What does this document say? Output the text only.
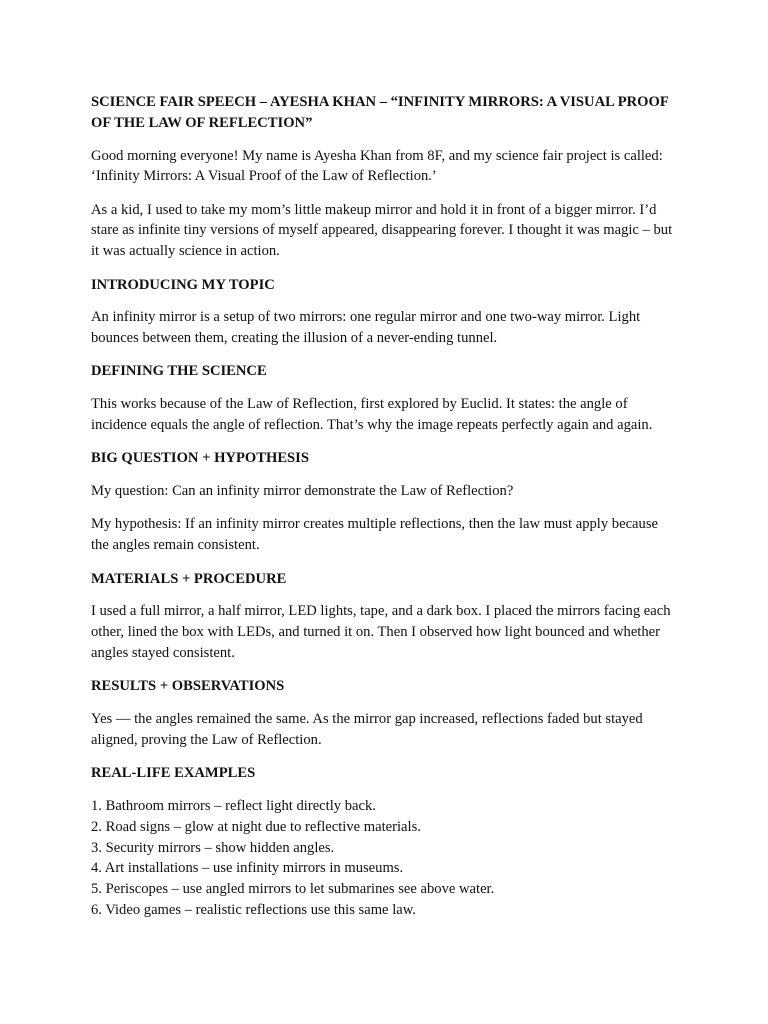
SCIENCE FAIR SPEECH – AYESHA KHAN – “INFINITY MIRRORS: A VISUAL PROOF OF THE LAW OF REFLECTION”

Good morning everyone! My name is Ayesha Khan from 8F, and my science fair project is called: ‘Infinity Mirrors: A Visual Proof of the Law of Reflection.’

As a kid, I used to take my mom’s little makeup mirror and hold it in front of a bigger mirror. I’d stare as infinite tiny versions of myself appeared, disappearing forever. I thought it was magic – but it was actually science in action.

INTRODUCING MY TOPIC

An infinity mirror is a setup of two mirrors: one regular mirror and one two-way mirror. Light bounces between them, creating the illusion of a never-ending tunnel.

DEFINING THE SCIENCE

This works because of the Law of Reflection, first explored by Euclid. It states: the angle of incidence equals the angle of reflection. That’s why the image repeats perfectly again and again.

BIG QUESTION + HYPOTHESIS

My question: Can an infinity mirror demonstrate the Law of Reflection?

My hypothesis: If an infinity mirror creates multiple reflections, then the law must apply because the angles remain consistent.

MATERIALS + PROCEDURE

I used a full mirror, a half mirror, LED lights, tape, and a dark box. I placed the mirrors facing each other, lined the box with LEDs, and turned it on. Then I observed how light bounced and whether angles stayed consistent.

RESULTS + OBSERVATIONS

Yes — the angles remained the same. As the mirror gap increased, reflections faded but stayed aligned, proving the Law of Reflection.

REAL-LIFE EXAMPLES

1. Bathroom mirrors – reflect light directly back.
2. Road signs – glow at night due to reflective materials.
3. Security mirrors – show hidden angles.
4. Art installations – use infinity mirrors in museums.
5. Periscopes – use angled mirrors to let submarines see above water.
6. Video games – realistic reflections use this same law.
